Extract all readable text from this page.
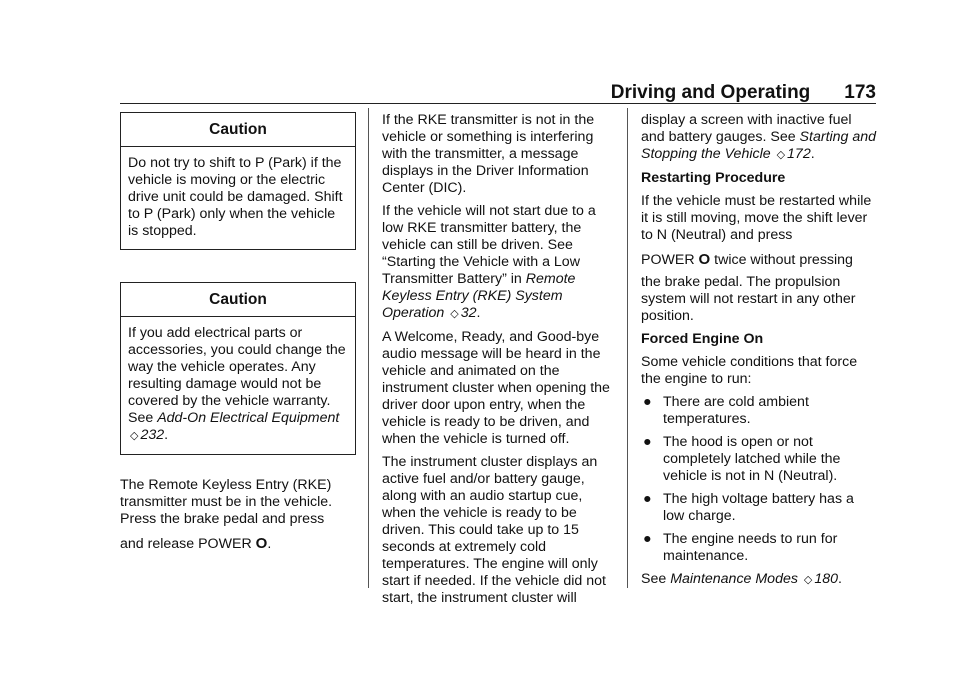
Driving and Operating 173
Caution
Do not try to shift to P (Park) if the vehicle is moving or the electric drive unit could be damaged. Shift to P (Park) only when the vehicle is stopped.
Caution
If you add electrical parts or accessories, you could change the way the vehicle operates. Any resulting damage would not be covered by the vehicle warranty. See Add-On Electrical Equipment
◇ 232.
The Remote Keyless Entry (RKE)
transmitter must be in the vehicle.
Press the brake pedal and press
and release POWER O.

If the RKE transmitter is not in the vehicle or something is interfering with the transmitter, a message displays in the Driver Information Center (DIC).

If the vehicle will not start due to a low RKE transmitter battery, the vehicle can still be driven. See “Starting the Vehicle with a Low Transmitter Battery” in Remote Keyless Entry (RKE) System Operation ◇ 32.

A Welcome, Ready, and Good-bye audio message will be heard in the vehicle and animated on the instrument cluster when opening the driver door upon entry, when the vehicle is ready to be driven, and when the vehicle is turned off.

The instrument cluster displays an active fuel and/or battery gauge, along with an audio startup cue, when the vehicle is ready to be driven. This could take up to 15 seconds at extremely cold temperatures. The engine will only start if needed. If the vehicle did not start, the instrument cluster will

display a screen with inactive fuel and battery gauges. See Starting and Stopping the Vehicle ◇ 172.

Restarting Procedure

If the vehicle must be restarted while it is still moving, move the shift lever to N (Neutral) and press
POWER O twice without pressing
the brake pedal. The propulsion system will not restart in any other position.

Forced Engine On

Some vehicle conditions that force the engine to run:

● There are cold ambient temperatures.
● The hood is open or not completely latched while the vehicle is not in N (Neutral).
● The high voltage battery has a low charge.
● The engine needs to run for maintenance.

See Maintenance Modes ◇ 180.
